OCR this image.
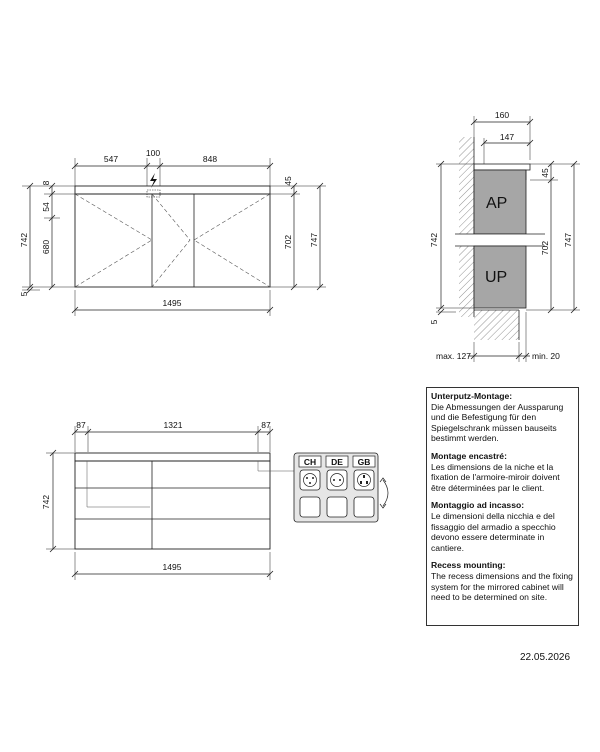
547
100
848
8
54
680
742
5
45
702 747
1495
AP
UP
160
147
742
5
45
702
747
max. 127	min. 20
87	1321	87
742
1495
CH DE GB
Unterputz-Montage:
Die Abmessungen der Aussparung und die Befestigung für den Spiegelschrank müssen bauseits bestimmt werden.
Montage encastré:
Les dimensions de la niche et la fixation de l'armoire-miroir doivent être déterminées par le client.
Montaggio ad incasso:
Le dimensioni della nicchia e del fissaggio del armadio a specchio devono essere determinate in cantiere.
Recess mounting:
The recess dimensions and the fixing system for the mirrored cabinet will need to be determined on site.
22.05.2026
